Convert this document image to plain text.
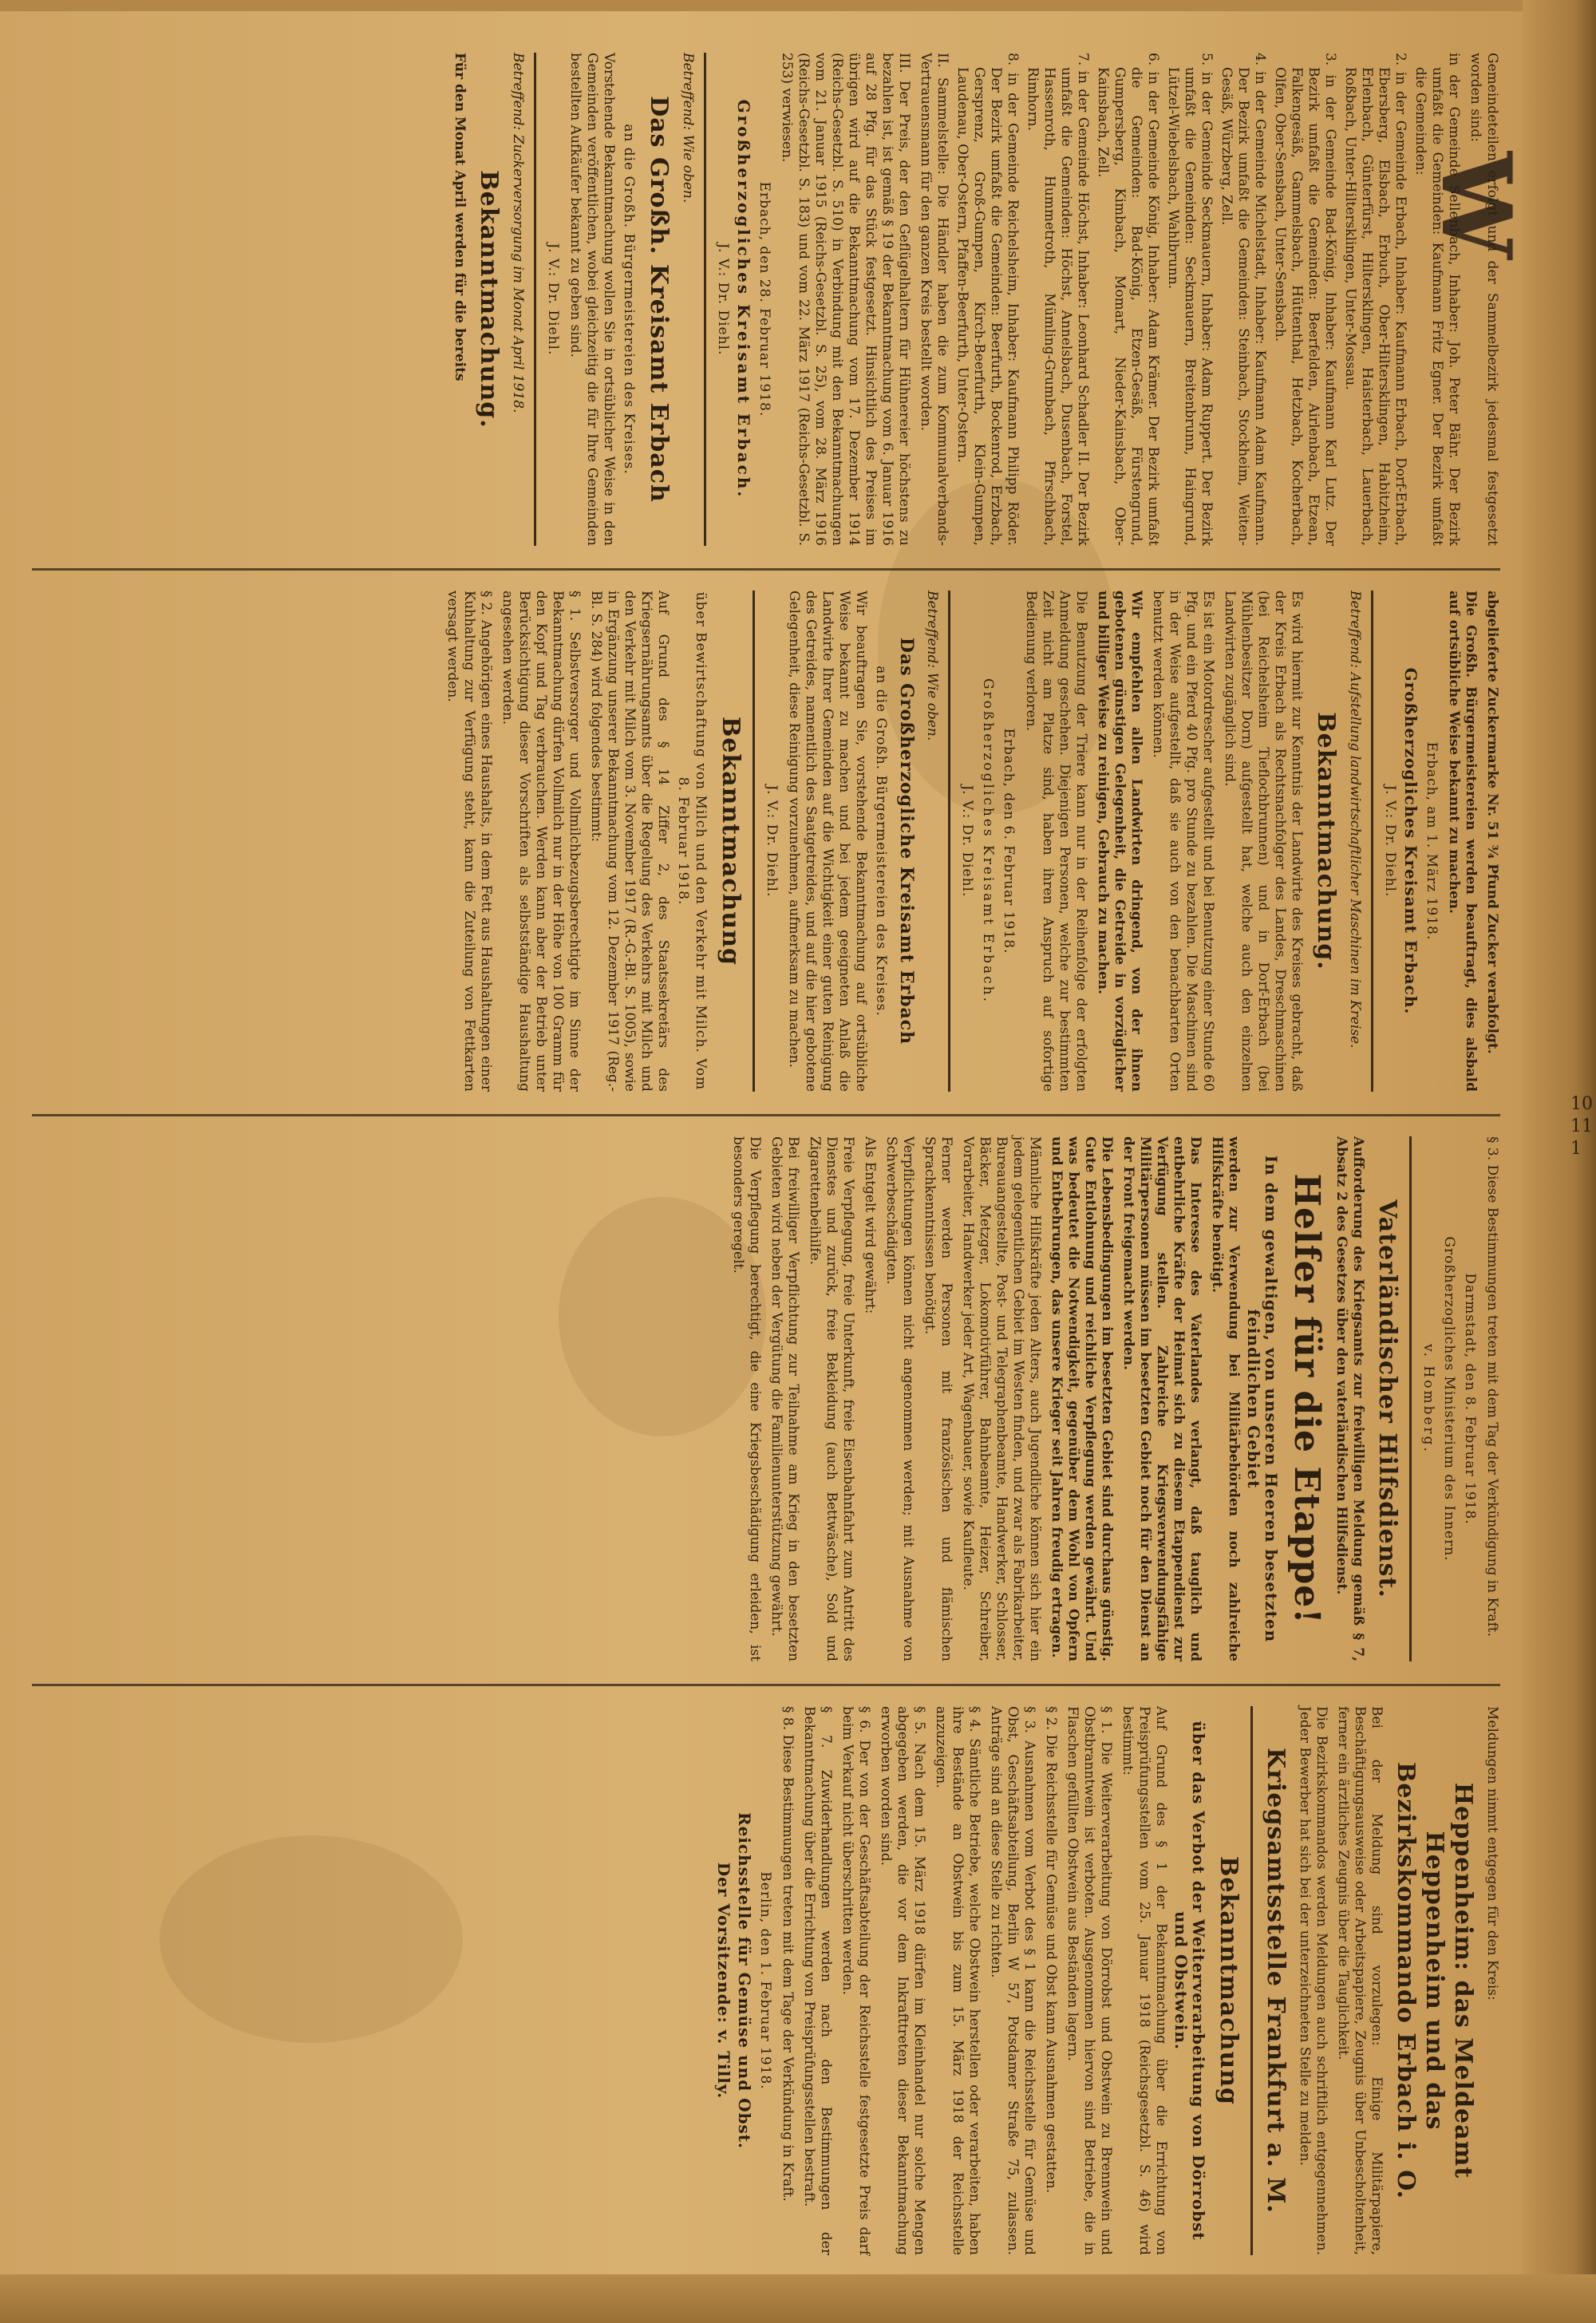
Gemeindeteilen erfolgt und der Sammelbezirk jedesmal festgesetzt worden sind:

in der Gemeinde Sellenbach, Inhaber: Joh. Peter Bähr. Der Bezirk umfaßt die Gemeinden: Kaufmann Fritz Egner. Der Bezirk umfaßt die Gemeinden:

2. in der Gemeinde Erbach, Inhaber: Kaufmann Erbach, Dorf-Erbach, Ebersberg, Elsbach, Erbuch, Ober-Hiltersklingen, Habitzheim, Erlenbach, Günterfürst, Hiltersklingen, Haisterbach, Lauerbach, Roßbach, Unter-Hiltersklingen, Unter-Mossau.

3. in der Gemeinde Bad-König, Inhaber: Kaufmann Karl Lutz. Der Bezirk umfaßt die Gemeinden: Beerfelden, Airlenbach, Etzean, Falkengesäß, Gammelsbach, Hüttenthal, Hetzbach, Kocherbach, Olfen, Ober-Sensbach, Unter-Sensbach.

4. in der Gemeinde Michelstadt, Inhaber: Kaufmann Adam Kaufmann. Der Bezirk umfaßt die Gemeinden: Steinbach, Stockheim, Weiten-Gesäß, Würzberg, Zell.

5. in der Gemeinde Seckmauern, Inhaber: Adam Ruppert. Der Bezirk umfaßt die Gemeinden: Seckmauern, Breitenbrunn, Haingrund, Lützel-Wiebelsbach, Wahlbrunn.

6. in der Gemeinde König, Inhaber: Adam Krämer. Der Bezirk umfaßt die Gemeinden: Bad-König, Etzen-Gesäß, Fürstengrund, Gumpersberg, Kimbach, Momart, Nieder-Kainsbach, Ober-Kainsbach, Zell.

7. in der Gemeinde Höchst, Inhaber: Leonhard Schadler II. Der Bezirk umfaßt die Gemeinden: Höchst, Annelsbach, Dusenbach, Forstel, Hassenroth, Hummetroth, Mümling-Grumbach, Pfirschbach, Rimhorn.

8. in der Gemeinde Reichelsheim, Inhaber: Kaufmann Philipp Röder. Der Bezirk umfaßt die Gemeinden: Beerfurth, Bockenrod, Erzbach, Gersprenz, Groß-Gumpen, Kirch-Beerfurth, Klein-Gumpen, Laudenau, Ober-Ostern, Pfaffen-Beerfurth, Unter-Ostern.

II. Sammelstelle: Die Händler haben die zum Kommunalverbands-Vertrauensmann für den ganzen Kreis bestellt worden.

III. Der Preis, der den Geflügelhaltern für Hühnereier höchstens zu bezahlen ist, ist gemäß § 19 der Bekanntmachung vom 6. Januar 1916 auf 28 Pfg. für das Stück festgesetzt. Hinsichtlich des Preises im übrigen wird auf die Bekanntmachung vom 17. Dezember 1914 (Reichs-Gesetzbl. S. 510) in Verbindung mit den Bekanntmachungen vom 21. Januar 1915 (Reichs-Gesetzbl. S. 25), vom 28. März 1916 (Reichs-Gesetzbl. S. 183) und vom 22. März 1917 (Reichs-Gesetzbl. S. 253) verwiesen.

Erbach, den 28. Februar 1918.

Großherzogliches Kreisamt Erbach.

J. V.: Dr. Diehl.

Betreffend: Wie oben.

Das Großh. Kreisamt Erbach

an die Großh. Bürgermeistereien des Kreises.

Vorstehende Bekanntmachung wollen Sie in ortsüblicher Weise in den Gemeinden veröffentlichen, wobei gleichzeitig die für Ihre Gemeinden bestellten Aufkäufer bekannt zu geben sind.

J. V.: Dr. Diehl.

Betreffend: Zuckerversorgung im Monat April 1918.

Bekanntmachung.

Für den Monat April werden für die bereits

abgelieferte Zuckermarke Nr. 51 ¾ Pfund Zucker verabfolgt.

Die Großh. Bürgermeistereien werden beauftragt, dies alsbald auf ortsübliche Weise bekannt zu machen.

Erbach, am 1. März 1918.

Großherzogliches Kreisamt Erbach.

J. V.: Dr. Diehl.

Betreffend: Aufstellung landwirtschaftlicher Maschinen im Kreise.

Bekanntmachung.

Es wird hiermit zur Kenntnis der Landwirte des Kreises gebracht, daß der Kreis Erbach als Rechtsnachfolger des Landes, Dreschmaschinen (bei Reichelsheim Tieflochbrunnen) und in Dorf-Erbach (bei Mühlenbesitzer Dorn) aufgestellt hat, welche auch den einzelnen Landwirten zugänglich sind.

Es ist ein Motordrescher aufgestellt und bei Benutzung einer Stunde 60 Pfg. und ein Pferd 40 Pfg. pro Stunde zu bezahlen. Die Maschinen sind in der Weise aufgestellt, daß sie auch von den benachbarten Orten benutzt werden können.

Wir empfehlen allen Landwirten dringend, von der ihnen gebotenen günstigen Gelegenheit, die Getreide in vorzüglicher und billiger Weise zu reinigen, Gebrauch zu machen.

Die Benutzung der Triere kann nur in der Reihenfolge der erfolgten Anmeldung geschehen. Diejenigen Personen, welche zur bestimmten Zeit nicht am Platze sind, haben ihren Anspruch auf sofortige Bedienung verloren.

Erbach, den 6. Februar 1918.

Großherzogliches Kreisamt Erbach.

J. V.: Dr. Diehl.

Betreffend: Wie oben.

Das Großherzogliche Kreisamt Erbach

an die Großh. Bürgermeistereien des Kreises.

Wir beauftragen Sie, vorstehende Bekanntmachung auf ortsübliche Weise bekannt zu machen und bei jedem geeigneten Anlaß die Landwirte Ihrer Gemeinden auf die Wichtigkeit einer guten Reinigung des Getreides, namentlich des Saatgetreides, und auf die hier gebotene Gelegenheit, diese Reinigung vorzunehmen, aufmerksam zu machen.

J. V.: Dr. Diehl.

Bekanntmachung

über Bewirtschaftung von Milch und den Verkehr mit Milch. Vom 8. Februar 1918.

Auf Grund des § 14 Ziffer 2, des Staatssekretärs des Kriegsernährungsamts über die Regelung des Verkehrs mit Milch und den Verkehr mit Milch vom 3. November 1917 (R.-G.-Bl. S. 1005), sowie in Ergänzung unserer Bekanntmachung vom 12. Dezember 1917 (Reg.-Bl. S. 284) wird folgendes bestimmt:

§ 1. Selbstversorger und Vollmilchbezugsberechtigte im Sinne der Bekanntmachung dürfen Vollmilch nur in der Höhe von 100 Gramm für den Kopf und Tag verbrauchen. Werden kann aber der Betrieb unter Berücksichtigung dieser Vorschriften als selbstständige Haushaltung angesehen werden.

§ 2. Angehörigen eines Haushalts, in dem Fett aus Haushaltungen einer Kuhhaltung zur Verfügung steht, kann die Zuteilung von Fettkarten versagt werden.

§ 3. Diese Bestimmungen treten mit dem Tag der Verkündigung in Kraft.

Darmstadt, den 8. Februar 1918.

Großherzogliches Ministerium des Innern.

v. Homberg.

Vaterländischer Hilfsdienst.

Aufforderung des Kriegsamts zur freiwilligen Meldung gemäß § 7, Absatz 2 des Gesetzes über den vaterländischen Hilfsdienst.

Helfer für die Etappe!

In dem gewaltigen, von unseren Heeren besetzten feindlichen Gebiet

werden zur Verwendung bei Militärbehörden noch zahlreiche Hilfskräfte benötigt.

Das Interesse des Vaterlandes verlangt, daß tauglich und entbehrliche Kräfte der Heimat sich zu diesem Etappendienst zur Verfügung stellen. Zahlreiche Kriegsverwendungsfähige Militärpersonen müssen im besetzten Gebiet noch für den Dienst an der Front freigemacht werden.

Die Lebensbedingungen im besetzten Gebiet sind durchaus günstig. Gute Entlohnung und reichliche Verpflegung werden gewährt. Und was bedeutet die Notwendigkeit, gegenüber dem Wohl von Opfern und Entbehrungen, das unsere Krieger seit Jahren freudig ertragen.

Männliche Hilfskräfte jeden Alters, auch Jugendliche können sich hier ein jedem gelegentlichen Gebiet im Westen finden, und zwar als Fabrikarbeiter, Bureauangestellte, Post- und Telegraphenbeamte, Handwerker, Schlosser, Bäcker, Metzger, Lokomotivführer, Bahnbeamte, Heizer, Schreiber, Vorarbeiter, Handwerker jeder Art, Wagenbauer, sowie Kaufleute.

Ferner werden Personen mit französischen und flämischen Sprachkenntnissen benötigt.

Verpflichtungen können nicht angenommen werden; mit Ausnahme von Schwerbeschädigten.

Als Entgelt wird gewährt:

Freie Verpflegung, freie Unterkunft, freie Eisenbahnfahrt zum Antritt des Dienstes und zurück, freie Bekleidung (auch Bettwäsche), Sold und Zigarettenbeihilfe.

Bei freiwilliger Verpflichtung zur Teilnahme am Krieg in den besetzten Gebieten wird neben der Vergütung die Familienunterstützung gewährt.

Die Verpflegung berechtigt, die eine Kriegsbeschädigung erleiden, ist besonders geregelt.

Meldungen nimmt entgegen für den Kreis:

Heppenheim: das Meldeamt Heppenheim und das Bezirkskommando Erbach i. O.

Bei der Meldung sind vorzulegen: Einige Militärpapiere, Beschäftigungsausweise oder Arbeitspapiere, Zeugnis über Unbescholtenheit, ferner ein ärztliches Zeugnis über die Tauglichkeit.

Die Bezirkskommandos werden Meldungen auch schriftlich entgegennehmen. Jeder Bewerber hat sich bei der unterzeichneten Stelle zu melden.

Kriegsamtsstelle Frankfurt a. M.
Bekanntmachung

über das Verbot der Weiterverarbeitung von Dörrobst und Obstwein.

Auf Grund des § 1 der Bekanntmachung über die Errichtung von Preisprüfungsstellen vom 25. Januar 1918 (Reichsgesetzbl. S. 46) wird bestimmt:

§ 1. Die Weiterverarbeitung von Dörrobst und Obstwein zu Brennwein und Obstbranntwein ist verboten. Ausgenommen hiervon sind Betriebe, die in Flaschen gefüllten Obstwein aus Beständen lagern.

§ 2. Die Reichsstelle für Gemüse und Obst kann Ausnahmen gestatten.

§ 3. Ausnahmen vom Verbot des § 1 kann die Reichsstelle für Gemüse und Obst, Geschäftsabteilung, Berlin W 57, Potsdamer Straße 75, zulassen. Anträge sind an diese Stelle zu richten.

§ 4. Sämtliche Betriebe, welche Obstwein herstellen oder verarbeiten, haben ihre Bestände an Obstwein bis zum 15. März 1918 der Reichsstelle anzuzeigen.

§ 5. Nach dem 15. März 1918 dürfen im Kleinhandel nur solche Mengen abgegeben werden, die vor dem Inkrafttreten dieser Bekanntmachung erworben worden sind.

§ 6. Der von der Geschäftsabteilung der Reichsstelle festgesetzte Preis darf beim Verkauf nicht überschritten werden.

§ 7. Zuwiderhandlungen werden nach den Bestimmungen der Bekanntmachung über die Errichtung von Preisprüfungsstellen bestraft.

§ 8. Diese Bestimmungen treten mit dem Tage der Verkündung in Kraft.

Berlin, den 1. Februar 1918.

Reichsstelle für Gemüse und Obst.

Der Vorsitzende: v. Tilly.

W
10
11
1
